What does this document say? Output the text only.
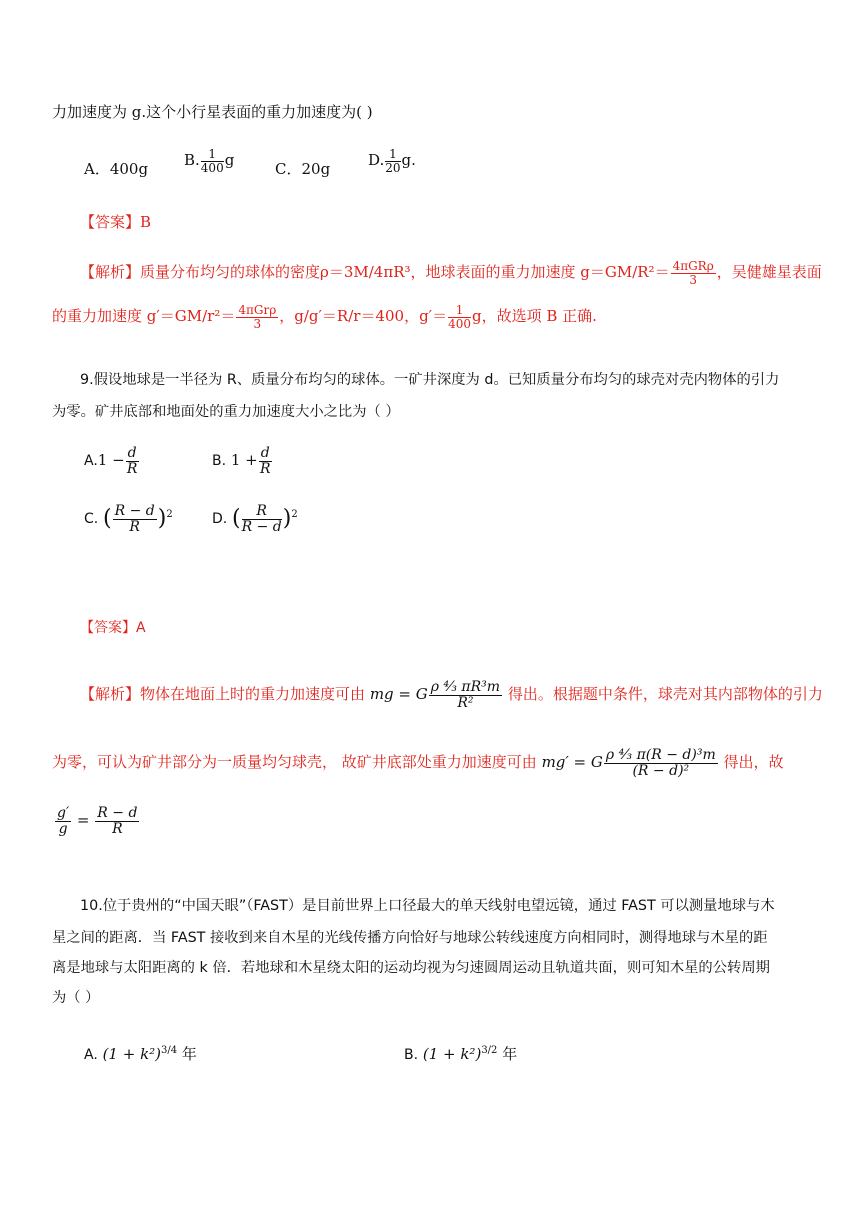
力加速度为 g.这个小行星表面的重力加速度为( )
A．400g B. $\frac{1}{400}$ g	C．20g	D. $\frac{1}{20} g$.
【答案】B
【解析】质量分布均匀的球体的密度ρ＝3M/4πR³，地球表面的重力加速度 $g=GM/R^2= \frac{\text{4πGRρ}}{3}$ ，吴健雄星表面
的重力加速度 $g'=GM/r^2= \frac{\text{4πGrρ}}{3}$ ，g/g′＝R/r＝400，$g'= \frac{1}{400}$ g，故选项 B 正确.
9.假设地球是一半径为 R、质量分布均匀的球体。一矿井深度为 d。已知质量分布均匀的球壳对壳内物体的引力
为零。矿井底部和地面处的重力加速度大小之比为（ ）
$A.1 - \frac{d}{R}$	B. $1 + \frac{d}{R}$
C. ( $\frac{R - d}{R} )^2$	D. ( $\frac{R}{R - d} )^2$
【答案】A
【解析】物体在地面上时的重力加速度可由 mg = G $\frac{\text{ρ ⁴⁄₃ πR³m}}{\text{R²}}$ 得出。根据题中条件，球壳对其内部物体的引力
为零，可认为矿井部分为一质量均匀球壳， 故矿井底部处重力加速度可由 mg′ = G $\frac{\text{ρ ⁴⁄₃ π(R − d)³m}}{\text{(R − d)²}}$ 得出，故
$\frac{g'}{g} = \frac{R - d}{R}$
10.位于贵州的“中国天眼”（FAST）是目前世界上口径最大的单天线射电望远镜，通过 FAST 可以测量地球与木
星之间的距离．当 FAST 接收到来自木星的光线传播方向恰好与地球公转线速度方向相同时，测得地球与木星的距
离是地球与太阳距离的 k 倍．若地球和木星绕太阳的运动均视为匀速圆周运动且轨道共面，则可知木星的公转周期
为（ ）
A. $(1 + k^2)^{3/4}$ 年	B. $(1 + k^2)^{3/2}$ 年
